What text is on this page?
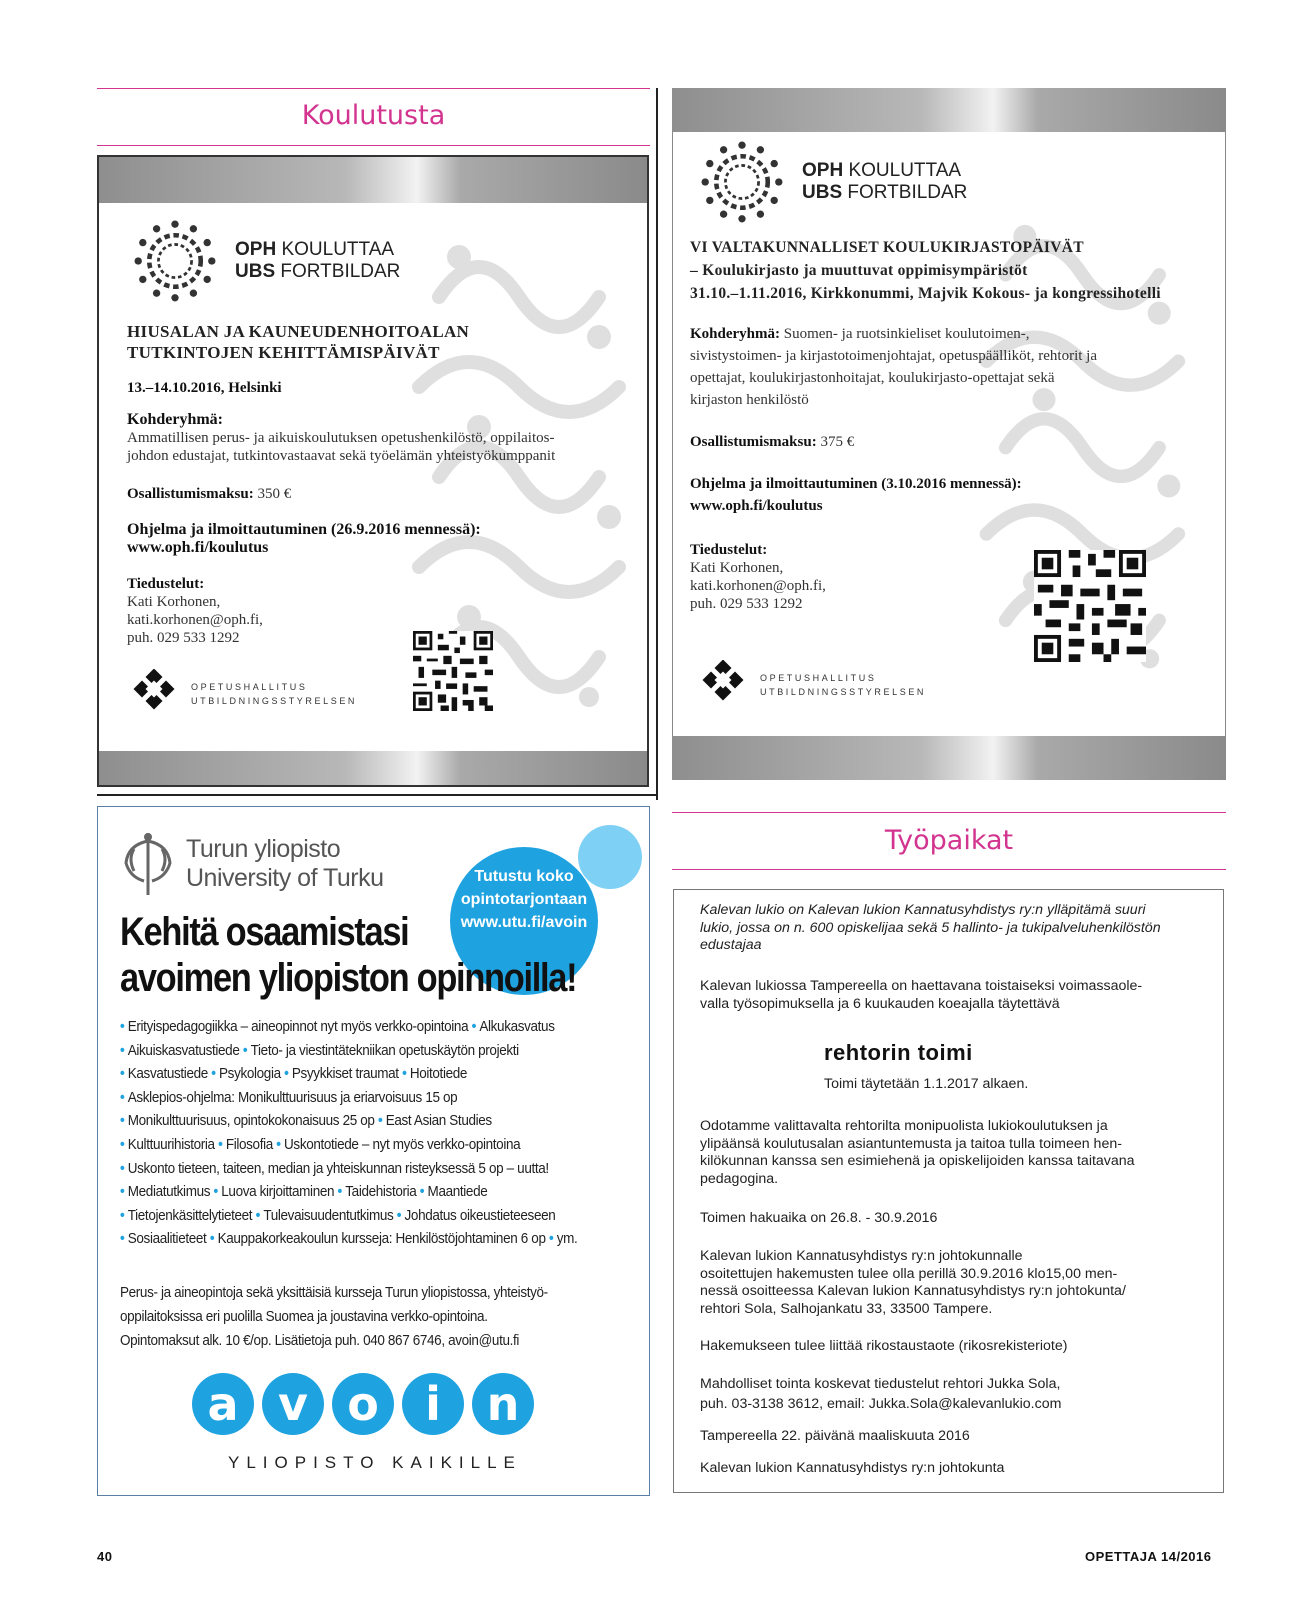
Koulutusta
OPH KOULUTTAA
UBS FORTBILDAR
HIUSALAN JA KAUNEUDENHOITOALAN
TUTKINTOJEN KEHITTÄMISPÄIVÄT
13.–14.10.2016, Helsinki
Kohderyhmä:
Ammatillisen perus- ja aikuiskoulutuksen opetushenkilöstö, oppilaitos-
johdon edustajat, tutkintovastaavat sekä työelämän yhteistyökumppanit
Osallistumismaksu: 350 €
Ohjelma ja ilmoittautuminen (26.9.2016 mennessä):
www.oph.fi/koulutus
Tiedustelut:
Kati Korhonen,
kati.korhonen@oph.fi,
puh. 029 533 1292
OPETUSHALLITUS
UTBILDNINGSSTYRELSEN
OPH KOULUTTAA
UBS FORTBILDAR
VI VALTAKUNNALLISET KOULUKIRJASTOPÄIVÄT
– Koulukirjasto ja muuttuvat oppimisympäristöt
31.10.–1.11.2016, Kirkkonummi, Majvik Kokous- ja kongressihotelli
Kohderyhmä: Suomen- ja ruotsinkieliset koulutoimen-,
sivistystoimen- ja kirjastotoimenjohtajat, opetuspäälliköt, rehtorit ja
opettajat, koulukirjastonhoitajat, koulukirjasto-opettajat sekä
kirjaston henkilöstö
Osallistumismaksu: 375 €
Ohjelma ja ilmoittautuminen (3.10.2016 mennessä):
www.oph.fi/koulutus
Tiedustelut:
Kati Korhonen,
kati.korhonen@oph.fi,
puh. 029 533 1292
OPETUSHALLITUS
UTBILDNINGSSTYRELSEN
Turun yliopisto
University of Turku	Tutustu koko
opintotarjontaan
www.utu.fi/avoin
Kehitä osaamistasi
avoimen yliopiston opinnoilla!
• Erityispedagogiikka – aineopinnot nyt myös verkko-opintoina • Alkukasvatus
• Aikuiskasvatustiede • Tieto- ja viestintätekniikan opetuskäytön projekti
• Kasvatustiede • Psykologia • Psyykkiset traumat • Hoitotiede
• Asklepios-ohjelma: Monikulttuurisuus ja eriarvoisuus 15 op
• Monikulttuurisuus, opintokokonaisuus 25 op • East Asian Studies
• Kulttuurihistoria • Filosofia • Uskontotiede – nyt myös verkko-opintoina
• Uskonto tieteen, taiteen, median ja yhteiskunnan risteyksessä 5 op – uutta!
• Mediatutkimus • Luova kirjoittaminen • Taidehistoria • Maantiede
• Tietojenkäsittelytieteet • Tulevaisuudentutkimus • Johdatus oikeustieteeseen
• Sosiaalitieteet • Kauppakorkeakoulun kursseja: Henkilöstöjohtaminen 6 op • ym.
Perus- ja aineopintoja sekä yksittäisiä kursseja Turun yliopistossa, yhteistyö-
oppilaitoksissa eri puolilla Suomea ja joustavina verkko-opintoina.
Opintomaksut alk. 10 €/op. Lisätietoja puh. 040 867 6746, avoin@utu.fi
a v o	i n
YLIOPISTO KAIKILLE
Työpaikat
Kalevan lukio on Kalevan lukion Kannatusyhdistys ry:n ylläpitämä suuri
lukio, jossa on n. 600 opiskelijaa sekä 5 hallinto- ja tukipalveluhenkilöstön
edustajaa
Kalevan lukiossa Tampereella on haettavana toistaiseksi voimassaole-
valla työsopimuksella ja 6 kuukauden koeajalla täytettävä
rehtorin toimi
Toimi täytetään 1.1.2017 alkaen.
Odotamme valittavalta rehtorilta monipuolista lukiokoulutuksen ja
ylipäänsä koulutusalan asiantuntemusta ja taitoa tulla toimeen hen-
kilökunnan kanssa sen esimiehenä ja opiskelijoiden kanssa taitavana
pedagogina.
Toimen hakuaika on 26.8. - 30.9.2016
Kalevan lukion Kannatusyhdistys ry:n johtokunnalle
osoitettujen hakemusten tulee olla perillä 30.9.2016 klo15,00 men-
nessä osoitteessa Kalevan lukion Kannatusyhdistys ry:n johtokunta/
rehtori Sola, Salhojankatu 33, 33500 Tampere.
Hakemukseen tulee liittää rikostaustaote (rikosrekisteriote)
Mahdolliset tointa koskevat tiedustelut rehtori Jukka Sola,
puh. 03-3138 3612, email: Jukka.Sola@kalevanlukio.com
Tampereella 22. päivänä maaliskuuta 2016
Kalevan lukion Kannatusyhdistys ry:n johtokunta
40	OPETTAJA 14/2016
